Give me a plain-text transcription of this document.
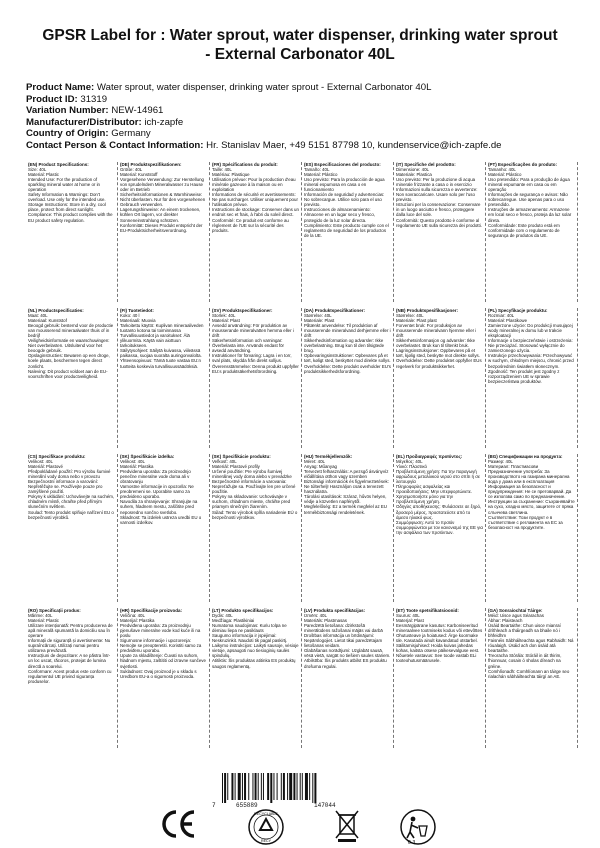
GPSR Label for : Water sprout, water dispenser, drinking water sprout - External Carbonator 40L
Product Name: Water sprout, water dispenser, drinking water sprout - External Carbonator 40L
Product ID: 31319
Variation Number: NEW-14961
Manufacturer/Distributor: ich-zapfe
Country of Origin: Germany
Contact Person & Contact Information: Hr. Stanislav Maer, +49 5151 87798 10, kundenservice@ich-zapfe.de
(EN) Product Specifications:
Size: 40L
Material: Plastic
Intended Use: For the production of sparkling mineral water at home or in operation
Safety Information & Warnings: Don't overload. Use only for the intended use.
Storage Instructions: Store in a dry, cool place, protect from direct sunlight.
Compliance: This product complies with the EU product safety regulation.
(DE) Produktspezifikationen:
Größe: 40L
Material: Kunststoff
Vorgesehene Verwendung: Zur Herstellung von sprudelndem Mineralwasser zu Hause oder im Betrieb
Sicherheitsinformationen & Warnhinweise: Nicht überlasten. Nur für den vorgesehenen Gebrauch verwenden.
Lagerungshinweise: An einem trockenen, kühlen Ort lagern, vor direkter Sonneneinstrahlung schützen.
Konformität: Dieses Produkt entspricht der EU-Produktsicherheitsverordnung.
(FR) Spécifications du produit:
Taille: 40L
Matériau: Plastique
Utilisation prévue: Pour la production d'eau minérale gazeuse à la maison ou en exploitation
Informations de sécurité et avertissements: Ne pas surcharger. Utiliser uniquement pour l'utilisation prévue.
Instructions de stockage: Conserver dans un endroit sec et frais, à l'abri du soleil direct.
Conformité: Ce produit est conforme au règlement de l'UE sur la sécurité des produits.
(ES) Especificaciones del producto:
Tamaño: 40L
Material: Plástico
Uso previsto: Para la producción de agua mineral espumosa en casa o en funcionamiento
Información de seguridad y advertencias: No sobrecargue. Utilice solo para el uso previsto.
Instrucciones de almacenamiento: Almacene en un lugar seco y fresco, protegido de la luz solar directa.
Cumplimiento: Este producto cumple con el reglamento de seguridad de los productos de la UE.
(IT) Specifiche del prodotto:
Dimensione: 40L
Materiale: Plastica
Uso previsto: Per la produzione di acqua minerale frizzante a casa o in esercizio
Informazioni sulla sicurezza e avvertenze: Non sovraccaricare. Usare solo per l'uso previsto.
Istruzioni per la conservazione: Conservare in un luogo asciutto e fresco, proteggere dalla luce del sole.
Conformità: Questo prodotto è conforme al regolamento UE sulla sicurezza dei prodotti.
(PT) Especificações do produto:
Tamanho: 40L
Material: Plástico
Uso pretendido: Para a produção de água mineral espumante em casa ou em operação
Informações de segurança e avisos: Não sobrecarregue. Use apenas para o uso pretendido.
Instruções de armazenamento: Armazene em local seco e fresco, proteja da luz solar direta.
Conformidade: Este produto está em conformidade com o regulamento de segurança de produtos da UE.
(NL) Productspecificaties:
Maat: 40L
Materiaal: Kunststof
Beoogd gebruik: bestemd voor de productie van mousserend mineraalwater thuis of in bedrijf
Veiligheidsinformatie en waarschuwingen: Niet overbelasten. Uitsluitend voor het beoogde gebruik.
Opslaginstructies: Bewaren op een droge, koele plaats, beschermen tegen direct zonlicht.
Naleving: Dit product voldoet aan de EU-voorschriften voor productveiligheid.
(FI) Tuotetiedot:
Koko: 40 l
Materiaali: Muovia
Tarkoitettu käyttö: Kuplivan mineraaliveden tuotanto kotona tai toiminnassa
Turvallisuustiedot ja varoitukset: Älä ylikuormita. Käytä vain aiottuun tarkoitukseen.
Säilytysohjeet: Säilytä kuivassa, viileässä paikassa, suojaa suoralta auringonvalolta.
Yhteensopivuus: Tämä tuote vastaa EU:n tuotteita koskevia turvallisuussäädöksiä.
(SV) Produktspecifikationer:
Storlek: 40L
Material: Plast
Avsedd användning: För produktion av mousserande mineralvatten hemma eller i drift
Säkerhetsinformation och varningar: Överbelasta inte. Används endast för avsedd användning.
Instruktioner för förvaring: Lagra i en torr, sval plats, skydda från direkt solljus.
Överensstämmelse: Denna produkt uppfyller EU:s produktsäkerhetsförordning.
(DA) Produktspecifikationer:
Størrelse: 40L
Materiale: Plast
Påtænkt anvendelse: Til produktion af mousserende mineralvand derhjemme eller i drift
Sikkerhedsinformation og advarsler: Ikke overbelastning. Brug kun til den tilsigtede brug.
Opbevaringsinstruktioner: Opbevares på et tørt, køligt sted, beskyttet mod direkte sollys.
Overholdelse: Dette produkt overholder EU's produktsikkerhedsforordning.
(NB) Produktspesifikasjoner:
Størrelse: 40L
Materiale: Plast plast
Forventet bruk: For produksjon av mousserende mineralvann hjemme eller i drift
Sikkerhetsinformasjon og advarsler: Ikke overbelastet. Bruk kun til tiltenkt bruk.
Lagringsinstruksjoner: Oppbevares på et tørt, kjølig sted, beskytte mot direkte sollys.
Overholdelse: Dette produktet oppfyller EUs regelverk for produktsikkerhet.
(PL) Specyfikacje produktu:
Rozmiar: 40L
Materiał: Plastikowe
Zamierzone użycie: Do produkcji musującej wody mineralnej w domu lub w trakcie eksploatacji
Informacje o bezpieczeństwie i ostrzeżenia: Nie przeciążać. Stosować wyłącznie do zamierzonego użycia.
Instrukcje przechowywania: Przechowywać w suchym, chłodnym miejscu, chronić przed bezpośrednim światłem słonecznym.
Zgodność: Ten produkt jest zgodny z rozporządzeniem UE w sprawie bezpieczeństwa produktów.
(CS) Specifikace produktu:
Velikost: 40L
Materiál: Plastové
Předpokládané použití: Pro výrobu šumivé minerální vody doma nebo v provozu
Bezpečnostní informace a varování: Nepřetěžujte se. Používejte pouze pro zamýšlené použití.
Pokyny k ukládání: Uchovávejte na suchém, chladném místě, chraňte před přímým slunečním světlem.
Soulad: Tento produkt splňuje nařízení EU o bezpečnosti výrobků.
(SK) Špecifikácie izdelka:
Velikost: 40L
Materiál: Plastika
Predvidena uporaba: Za proizvodnjo penečne mineralne vode doma ali v obratovanju
Varnostne informacije in opozorila: Ne preobremeni se. Uporabite samo za predvideno uporabo.
Navodila za shranjevanje: Shranjujte na suhem, hladnem mestu, zaščitite pred neposredno sončno svetlobo.
Skladnost: Ta izdelek ustreza uredbi EU o varnosti izdelkov.
(SK) Špecifikácie produktu:
Veľkosť: 40L
Materiál: Plastové profily
Určené použitie: Pre výrobu šumivej minerálnej vody doma alebo v prevádzke
Bezpečnostné informácie a varovania: Nepreťažujte sa. Používajte len pre určené použitie.
Pokyny na skladovanie: Uchovávajte v suchom, chladnom mieste, chráňte pred priamym slnečným žiarením.
Súlad: Tento výrobok spĺňa nariadenie EÚ o bezpečnosti výrobkov.
(HU) Termékjellemzők:
Méret: 40L
Anyag: Műanyag
Tervezett felhasználás: A pezsgő ásványvíz előállítása otthon vagy üzemben
Biztonsági információk és figyelmeztetések: Ne túlterhelj! Használjon csak a tervezett használatra.
Tárolási utasítások: Száraz, hűvös helyen, védje a közvetlen napfénytől.
Megfelelőség: Ez a termék megfelel az EU termékbiztonsági rendeletének.
(EL) Προδιαγραφές προϊόντος:
Μέγεθος: 40L
Υλικό: Πλαστικό
Προβλεπόμενη χρήση: Για την παραγωγή αφρώδους μεταλλικού νερού στο σπίτι ή σε λειτουργία
Πληροφορίες ασφαλείας και προειδοποιήσεις: Μην υπερφορτώνετε. Χρησιμοποιήστε μόνο για την προβλεπόμενη χρήση.
Οδηγίες αποθήκευσης: Φυλάσσετε σε ξηρό, δροσερό μέρος, προστατεύστε από το άμεσο ηλιακό φως.
Συμμόρφωση: Αυτό το προϊόν συμμορφώνεται με τον κανονισμό της ΕΕ για την ασφάλεια των προϊόντων.
(BG) Спецификации на продукта:
Размер: 40L
Материал: Пластмасови
Предназначение употреба: За производството на газирана минерална вода у дома или в експлоатация
Информация за безопасност и предупреждения: Не се претоварвай. Да се използва само по предназначение.
Инструкции за съхранение: Съхранявайте на сухо, хладно място, защитете от пряка слънчева светлина.
Съответствие: Този продукт е в съответствие с регламента на ЕС за безопасност на продуктите.
(RO) Specificații produs:
Mărime: 40L
Material: Plastic
Utilizare intenționată: Pentru producerea de apă minerală spumantă la domiciliu sau în operare
Informații de siguranță și avertismente: Nu supraîncărcați. Utilizați numai pentru utilizarea prevăzută.
Instrucțiuni de depozitare: A se păstra într-un loc uscat, răcoros, protejat de lumina directă a soarelui.
Conformare: Acest produs este conform cu regulamentul UE privind siguranța produselor.
(HR) Specifikacije proizvoda:
Veličina: 40L
Materijal: Plastika
Predviđena uporaba: Za proizvodnju pjenušave mineralne vode kod kuće ili na poslu
Sigurnosne informacije i upozorenja: Nemojte se preopteretiti. Koristiti samo za predviđenu uporabu.
Upute za skladištenje: Čuvati na suhom, hladnom mjestu, zaštititi od izravne sunčeve svjetlosti.
Sukladnost: Ovaj proizvod je u skladu s Uredbom EU-a o sigurnosti proizvoda.
(LT) Produkto specifikacijos:
Dydis: 40L
Medžiaga: Plastikiniai
Numatoma naudojimas: Kuriu tolpa ne dėmiau liepa ne pasiklauts
Saugumo informacija ir įspėjimai: Neskruzinkit. Naudoti tik pagal paskirtį.
Laikymo instrukcijos: Laikyti sausoje, vėsioje vietoje, apsaugoti nuo tiesioginių saulės spindulių.
Atitiktis: Šis produktas atitinka ES produktų saugos reglamentą.
(LV) Produkta specifikācijas:
Izmērs: 40L
Materiāls: Plastmasas
Paredzētā lietošana: dzirkstošā minerālūdens ražošanai mājās vai darbā
Drošības informācija un brīdinājumi: Nepārslogojiet. Lietot tikai paredzētajam lietošanas veidam.
Glabāšanas norādījumi: Uzglabāt sausā, vēsā vietā, sargāt no tiešiem saules stariem.
Atbilstība: Šis produkts atbilst ES produktu drošuma regulai.
(ET) Toote spetsifikatsioonid:
Suurus: 40L
Materjal: Plast
Eesmärgipärane kasutus: Karboniseeritud mineraalvee tootmiseks kodus või ettevõttes
Ohutusteave ja hoiatused: Ärge koormake üle. Kasutada ainult kavandatud otstarbel.
Säilitamisjuhised: Hoida kuivas jahedas kohas, kaitsta otsese päikesevalguse eest.
Nõuetele vastavus: See toode vastab ELi tooteohutusmäärusele.
(GA) Sonraíochtaí Táirge:
Méid: Uisce agus Séarachas
Ábhar: Plaisteach
Úsáid Beartaithe: Chun uisce mianraí dríthleach a tháirgeadh sa bhaile nó i bhfeidhm
Faisnéis Sábháilteachta agus Rabhaidh: Ná róualaigh. Úsáid ach don úsáid atá beartaithe.
Treoracha Stórála: Stóráil in áit thirim, fhionnuar, cosain ó sholas díreach na gréine.
Comhlíonadh: Comhlíonann an táirge seo rialachán sábháilteachta táirgí an AE.
7	655889	147044
RECYCLABLE
RECY	0-3
